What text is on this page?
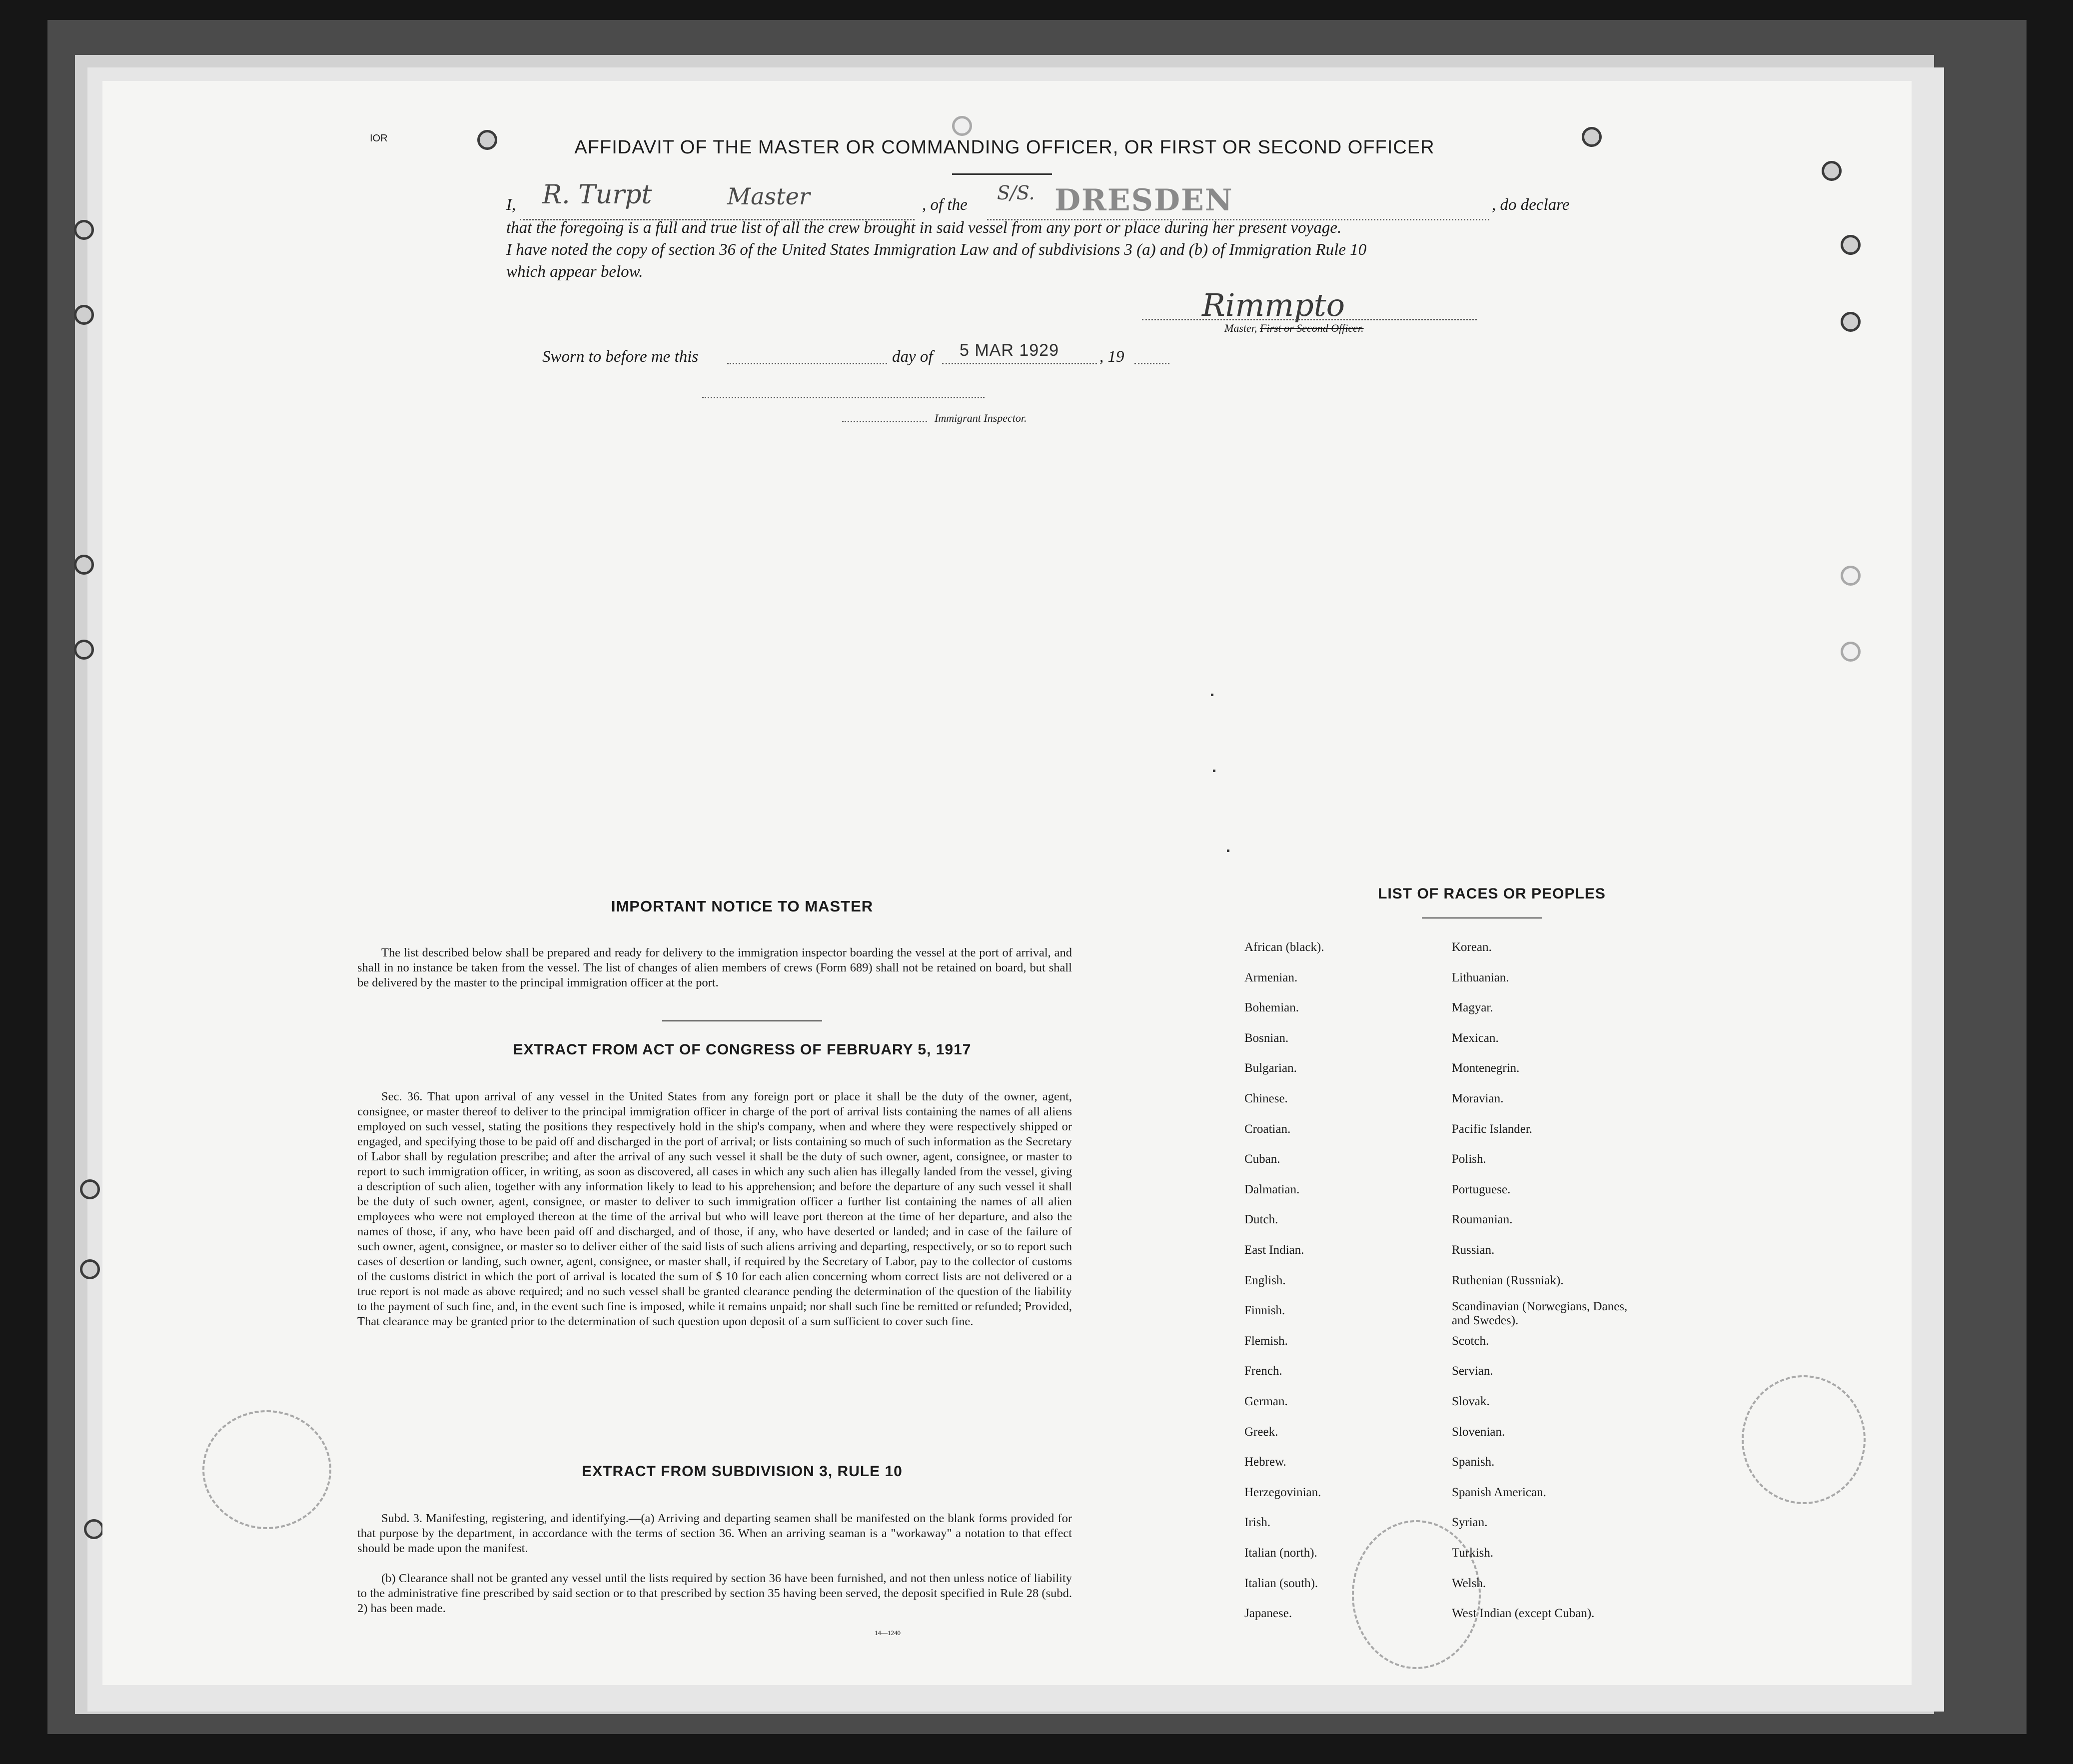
IOR	AFFIDAVIT OF THE MASTER OR COMMANDING OFFICER, OR FIRST OR SECOND OFFICER
I, R. Turpt	Master	, of the
S/S. DRESDEN	, do declare
that the foregoing is a full and true list of all the crew brought in said vessel from any port or place during her present voyage.
I have noted the copy of section 36 of the United States Immigration Law and of subdivisions 3 (a) and (b) of Immigration Rule 10
which appear below.
Rimmpto
Master, First or Second Officer.
Sworn to before me this	day of 5 MAR 1929 , 19
Immigrant Inspector.
IMPORTANT NOTICE TO MASTER
The list described below shall be prepared and ready for delivery to the immigration inspector boarding the vessel at the port of arrival, and shall in no instance be taken from the vessel. The list of changes of alien members of crews (Form 689) shall not be retained on board, but shall be delivered by the master to the principal immigration officer at the port.
EXTRACT FROM ACT OF CONGRESS OF FEBRUARY 5, 1917
Sec. 36. That upon arrival of any vessel in the United States from any foreign port or place it shall be the duty of the owner, agent, consignee, or master thereof to deliver to the principal immigration officer in charge of the port of arrival lists containing the names of all aliens employed on such vessel, stating the positions they respectively hold in the ship's company, when and where they were respectively shipped or engaged, and specifying those to be paid off and discharged in the port of arrival; or lists containing so much of such information as the Secretary of Labor shall by regulation prescribe; and after the arrival of any such vessel it shall be the duty of such owner, agent, consignee, or master to report to such immigration officer, in writing, as soon as discovered, all cases in which any such alien has illegally landed from the vessel, giving a description of such alien, together with any information likely to lead to his apprehension; and before the departure of any such vessel it shall be the duty of such owner, agent, consignee, or master to deliver to such immigration officer a further list containing the names of all alien employees who were not employed thereon at the time of the arrival but who will leave port thereon at the time of her departure, and also the names of those, if any, who have been paid off and discharged, and of those, if any, who have deserted or landed; and in case of the failure of such owner, agent, consignee, or master so to deliver either of the said lists of such aliens arriving and departing, respectively, or so to report such cases of desertion or landing, such owner, agent, consignee, or master shall, if required by the Secretary of Labor, pay to the collector of customs of the customs district in which the port of arrival is located the sum of $ 10 for each alien concerning whom correct lists are not delivered or a true report is not made as above required; and no such vessel shall be granted clearance pending the determination of the question of the liability to the payment of such fine, and, in the event such fine is imposed, while it remains unpaid; nor shall such fine be remitted or refunded; Provided, That clearance may be granted prior to the determination of such question upon deposit of a sum sufficient to cover such fine.
EXTRACT FROM SUBDIVISION 3, RULE 10
Subd. 3. Manifesting, registering, and identifying.—(a) Arriving and departing seamen shall be manifested on the blank forms provided for that purpose by the department, in accordance with the terms of section 36. When an arriving seaman is a "workaway" a notation to that effect should be made upon the manifest.
(b) Clearance shall not be granted any vessel until the lists required by section 36 have been furnished, and not then unless notice of liability to the administrative fine prescribed by said section or to that prescribed by section 35 having been served, the deposit specified in Rule 28 (subd. 2) has been made.
14—1240
LIST OF RACES OR PEOPLES
African (black).
Armenian.
Bohemian.
Bosnian.
Bulgarian.
Chinese.
Croatian.
Cuban.
Dalmatian.
Dutch.
East Indian.
English.
Finnish.
Flemish.
French.
German.
Greek.
Hebrew.
Herzegovinian.
Irish.
Italian (north).
Italian (south).
Japanese.
Korean.
Lithuanian.
Magyar.
Mexican.
Montenegrin.
Moravian.
Pacific Islander.
Polish.
Portuguese.
Roumanian.
Russian.
Ruthenian (Russniak).
Scandinavian (Norwegians, Danes, and Swedes).
Scotch.
Servian.
Slovak.
Slovenian.
Spanish.
Spanish American.
Syrian.
Turkish.
Welsh.
West Indian (except Cuban).
